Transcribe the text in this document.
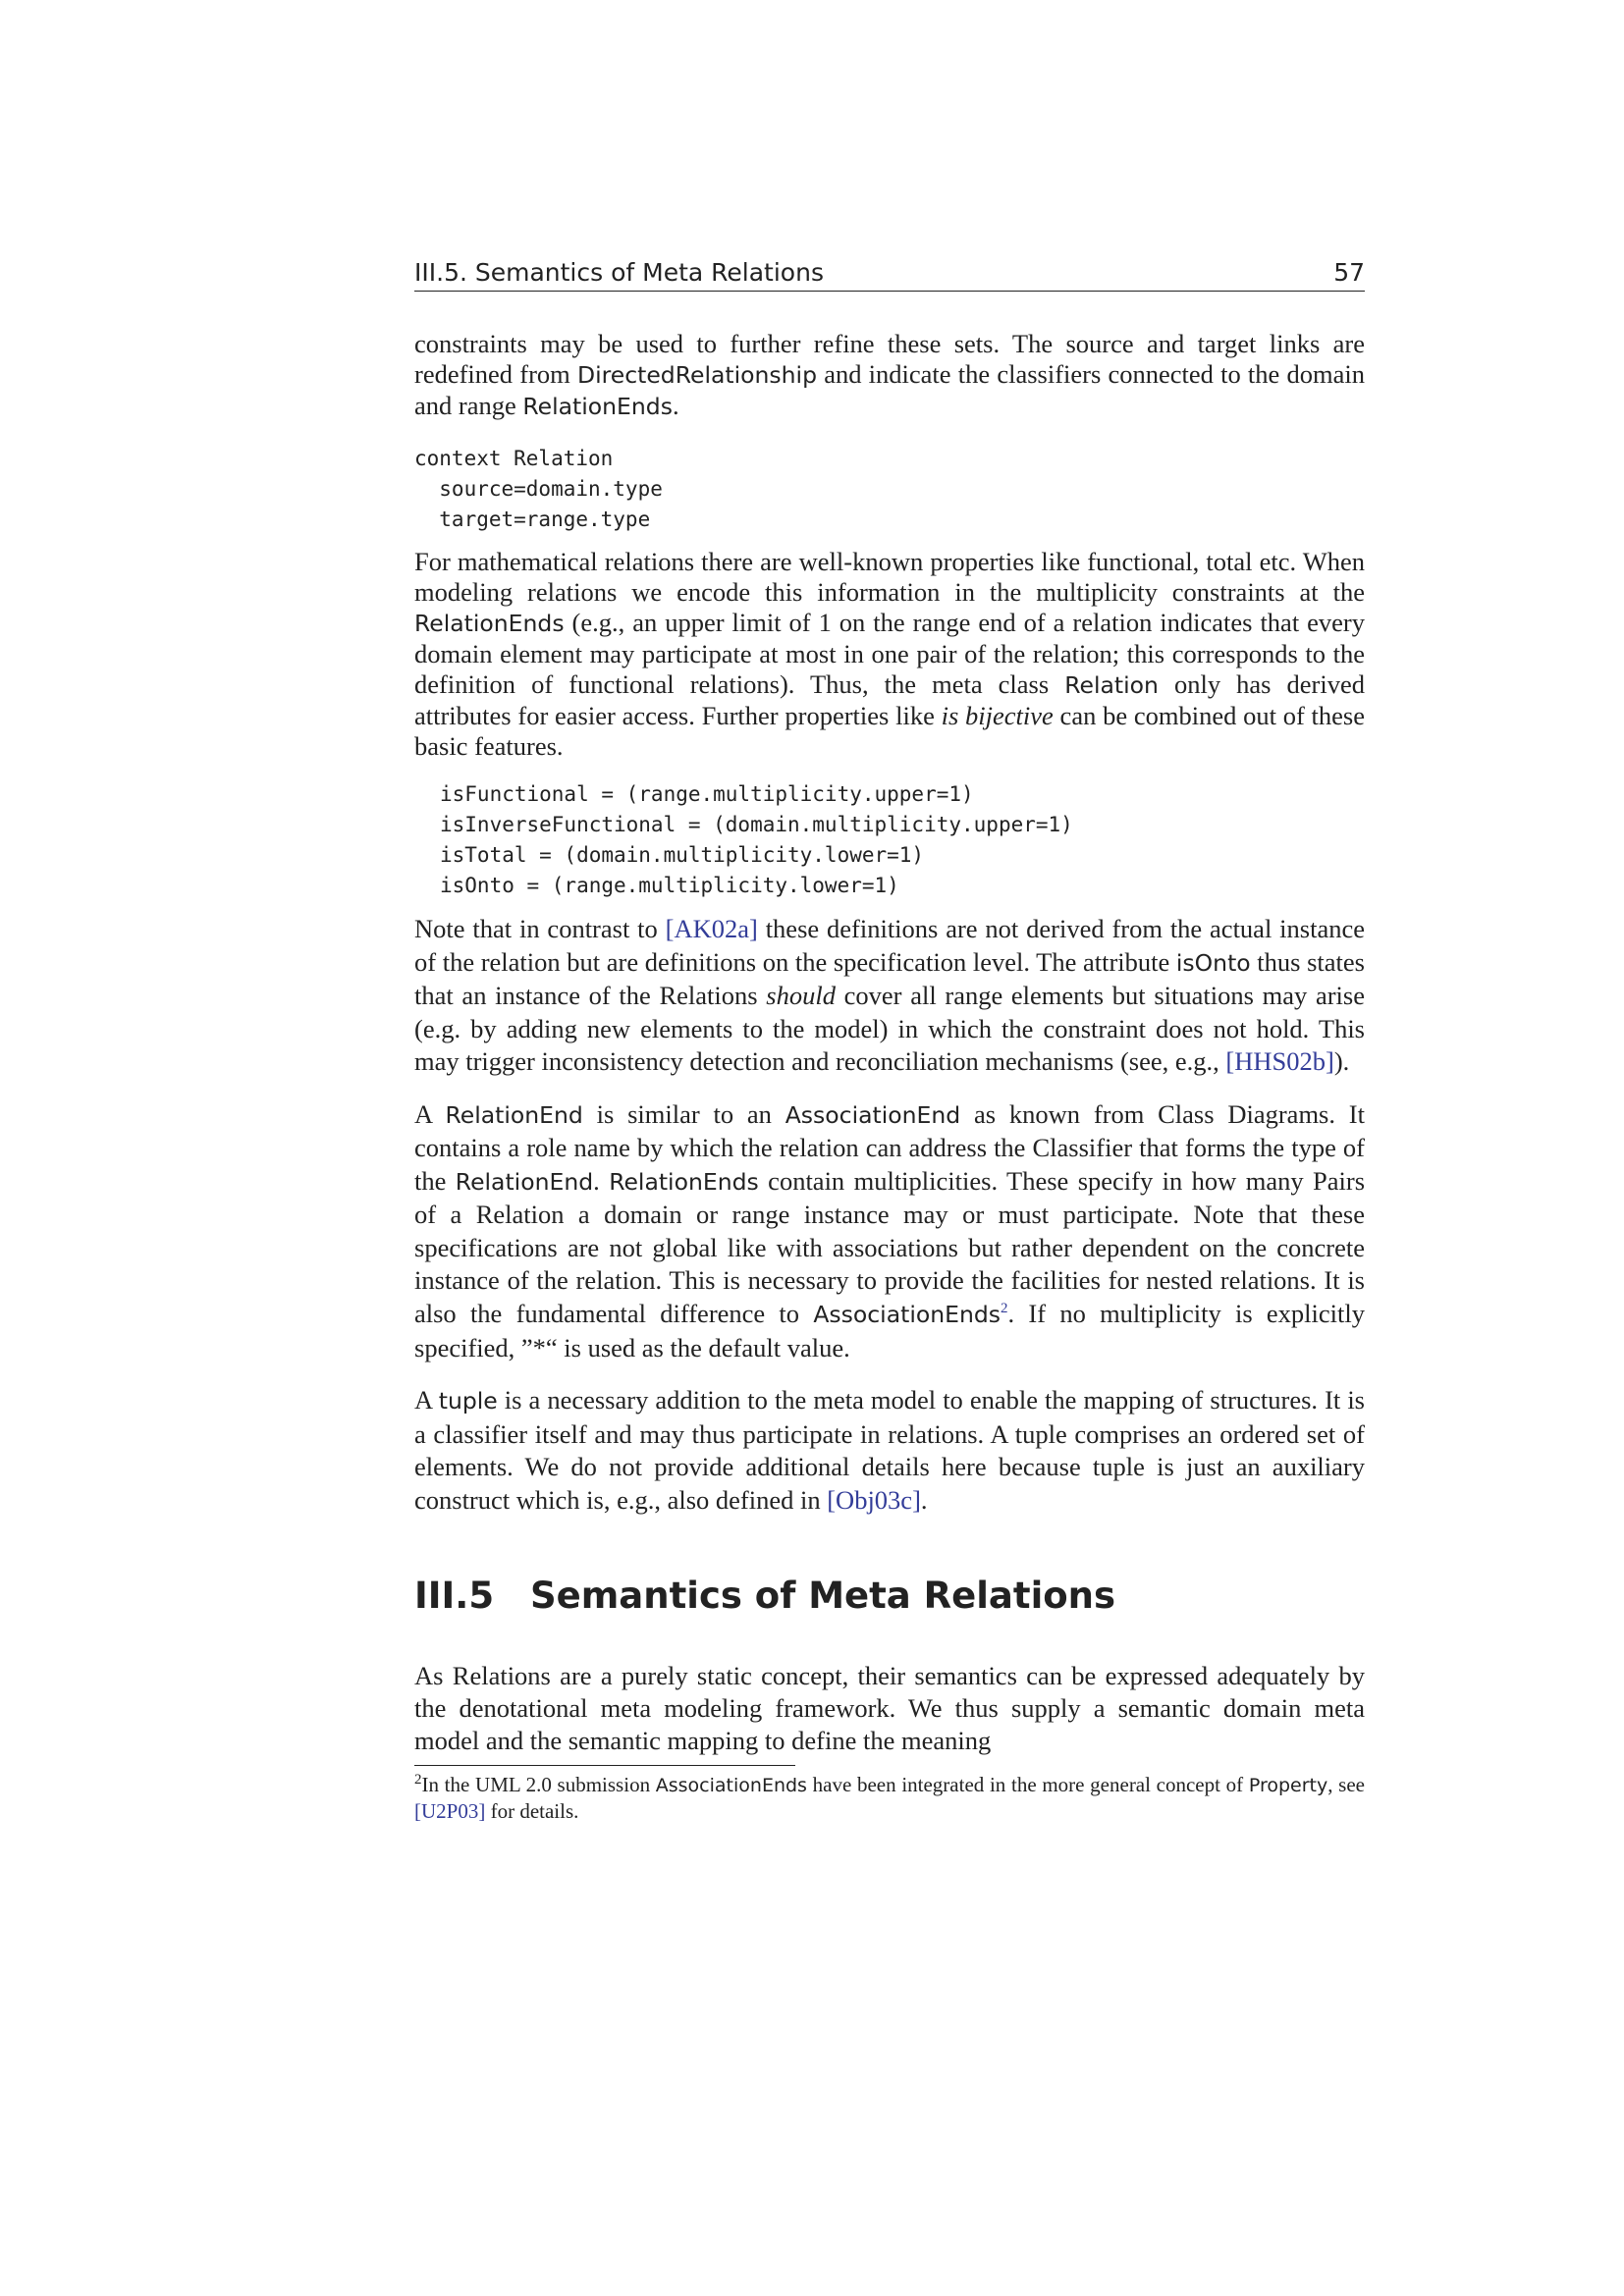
III.5. Semantics of Meta Relations	57

constraints may be used to further refine these sets. The source and target links are redefined from DirectedRelationship and indicate the classifiers connected to the domain and range RelationEnds.

context Relation
source=domain.type
target=range.type

For mathematical relations there are well-known properties like functional, total etc. When modeling relations we encode this information in the multiplicity constraints at the RelationEnds (e.g., an upper limit of 1 on the range end of a relation indicates that every domain element may participate at most in one pair of the relation; this corresponds to the definition of functional relations). Thus, the meta class Relation only has derived attributes for easier access. Further properties like is bijective can be combined out of these basic features.

isFunctional = (range.multiplicity.upper=1)
isInverseFunctional = (domain.multiplicity.upper=1)
isTotal = (domain.multiplicity.lower=1)
isOnto = (range.multiplicity.lower=1)

Note that in contrast to [AK02a] these definitions are not derived from the actual instance of the relation but are definitions on the specification level. The attribute isOnto thus states that an instance of the Relations should cover all range elements but situations may arise (e.g. by adding new elements to the model) in which the constraint does not hold. This may trigger inconsistency detection and reconciliation mechanisms (see, e.g., [HHS02b]).

A RelationEnd is similar to an AssociationEnd as known from Class Diagrams. It contains a role name by which the relation can address the Classifier that forms the type of the RelationEnd. RelationEnds contain multiplicities. These specify in how many Pairs of a Relation a domain or range instance may or must participate. Note that these specifications are not global like with associations but rather dependent on the concrete instance of the relation. This is necessary to provide the facilities for nested relations. It is also the fundamental difference to AssociationEnds$^2$. If no multiplicity is explicitly specified, ”*“ is used as the default value.

A tuple is a necessary addition to the meta model to enable the mapping of structures. It is a classifier itself and may thus participate in relations. A tuple comprises an ordered set of elements. We do not provide additional details here because tuple is just an auxiliary construct which is, e.g., also defined in [Obj03c].

III.5 Semantics of Meta Relations

As Relations are a purely static concept, their semantics can be expressed adequately by the denotational meta modeling framework. We thus supply a semantic domain meta model and the semantic mapping to define the meaning

$^2$In the UML 2.0 submission AssociationEnds have been integrated in the more general concept of Property, see [U2P03] for details.
